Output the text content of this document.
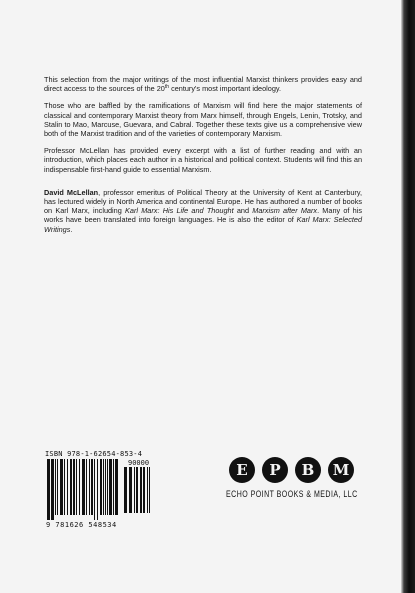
This selection from the major writings of the most influential Marxist thinkers provides easy and direct access to the sources of the 20th century's most important ideology.

Those who are baffled by the ramifications of Marxism will find here the major statements of classical and contemporary Marxist theory from Marx himself, through Engels, Lenin, Trotsky, and Stalin to Mao, Marcuse, Guevara, and Cabral. Together these texts give us a comprehensive view both of the Marxist tradition and of the varieties of contemporary Marxism.

Professor McLellan has provided every excerpt with a list of further reading and with an introduction, which places each author in a historical and political context. Students will find this an indispensable first-hand guide to essential Marxism.

David McLellan, professor emeritus of Political Theory at the University of Kent at Canterbury, has lectured widely in North America and continental Europe. He has authored a number of books on Karl Marx, including Karl Marx: His Life and Thought and Marxism after Marx. Many of his works have been translated into foreign languages. He is also the editor of Karl Marx: Selected Writings.

ISBN 978-1-62654-853-4
9 781626 548534
90000	E	P	B	M
ECHO POINT BOOKS & MEDIA, LLC
